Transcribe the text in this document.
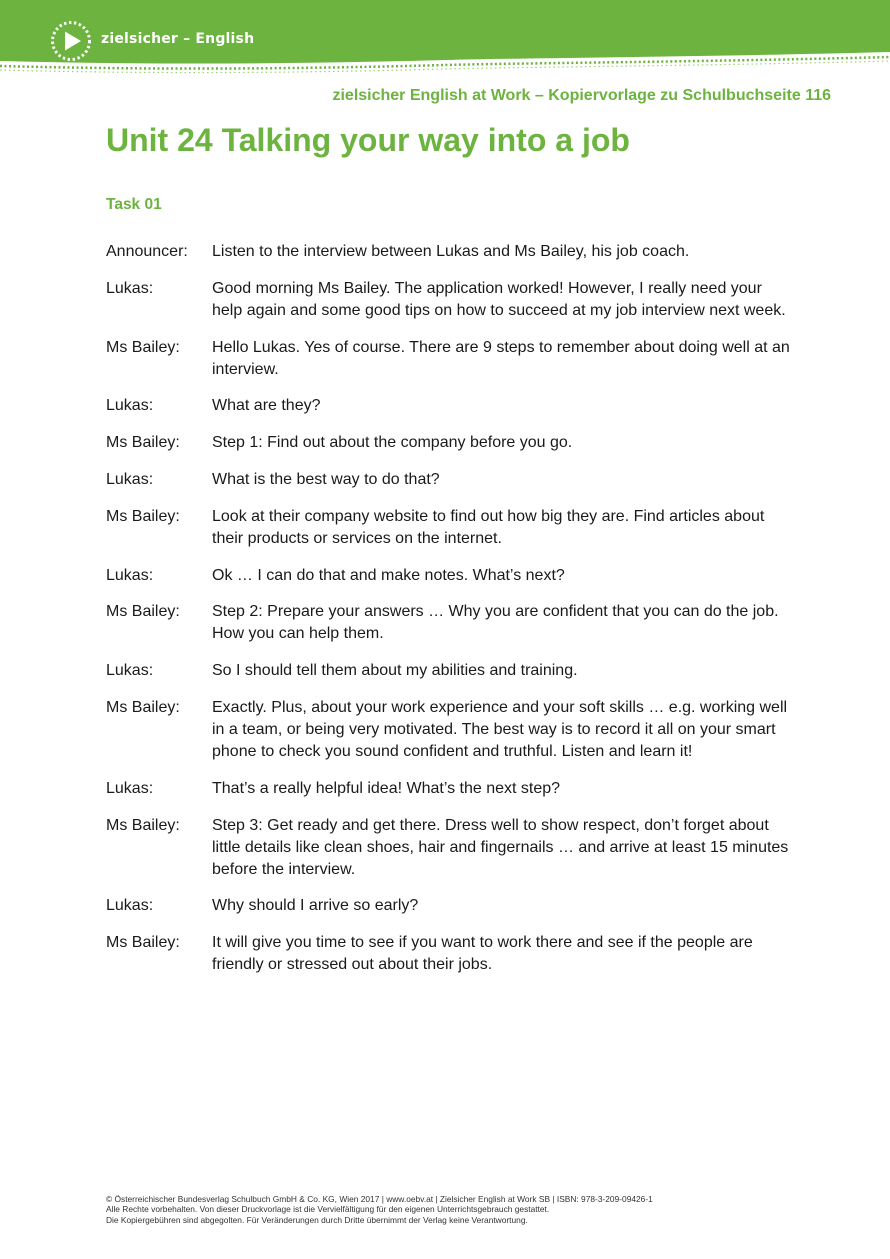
zielsicher – English
zielsicher English at Work – Kopiervorlage zu Schulbuchseite 116
Unit 24 Talking your way into a job
Task 01
Announcer:	Listen to the interview between Lukas and Ms Bailey, his job coach.
Lukas:	Good morning Ms Bailey. The application worked! However, I really need your help again and some good tips on how to succeed at my job interview next week.
Ms Bailey:	Hello Lukas. Yes of course. There are 9 steps to remember about doing well at an interview.
Lukas:	What are they?
Ms Bailey:	Step 1: Find out about the company before you go.
Lukas:	What is the best way to do that?
Ms Bailey:	Look at their company website to find out how big they are. Find articles about their products or services on the internet.
Lukas:	Ok … I can do that and make notes. What’s next?
Ms Bailey:	Step 2: Prepare your answers … Why you are confident that you can do the job. How you can help them.
Lukas:	So I should tell them about my abilities and training.
Ms Bailey:	Exactly. Plus, about your work experience and your soft skills … e.g. working well in a team, or being very motivated. The best way is to record it all on your smart phone to check you sound confident and truthful. Listen and learn it!
Lukas:	That’s a really helpful idea! What’s the next step?
Ms Bailey:	Step 3: Get ready and get there. Dress well to show respect, don’t forget about little details like clean shoes, hair and fingernails … and arrive at least 15 minutes before the interview.
Lukas:	Why should I arrive so early?
Ms Bailey:	It will give you time to see if you want to work there and see if the people are friendly or stressed out about their jobs.
© Österreichischer Bundesverlag Schulbuch GmbH & Co. KG, Wien 2017 | www.oebv.at | Zielsicher English at Work SB | ISBN: 978-3-209-09426-1
Alle Rechte vorbehalten. Von dieser Druckvorlage ist die Vervielfältigung für den eigenen Unterrichtsgebrauch gestattet.
Die Kopiergebühren sind abgegolten. Für Veränderungen durch Dritte übernimmt der Verlag keine Verantwortung.
